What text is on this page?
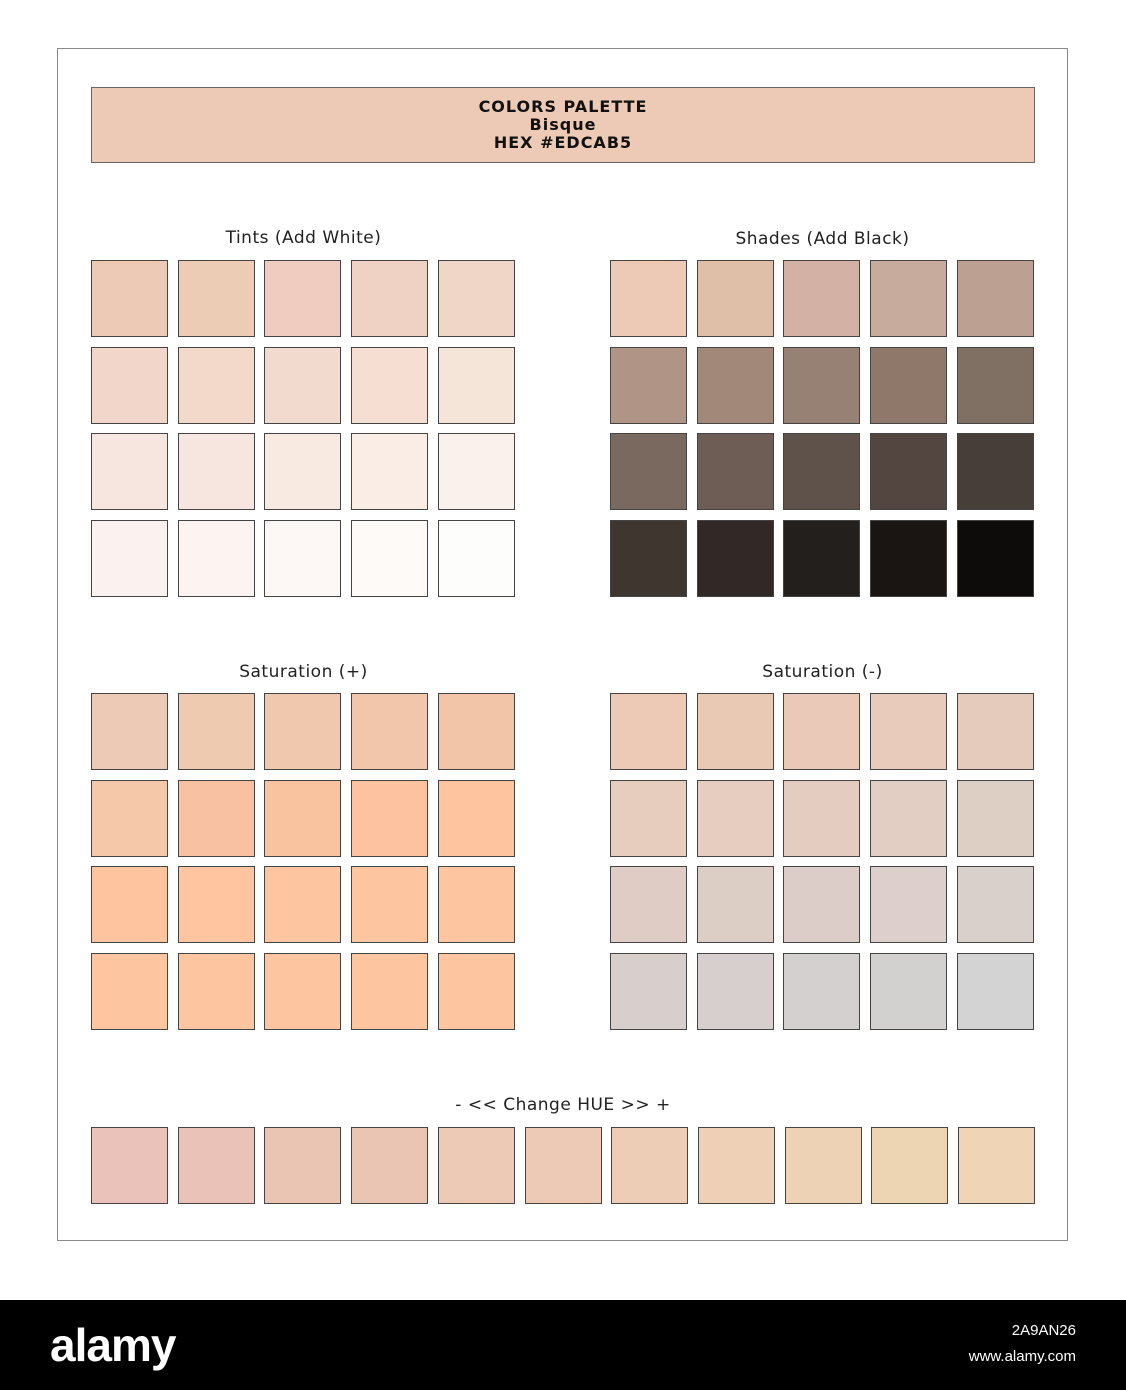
COLORS PALETTE
Bisque
HEX #EDCAB5
Tints (Add White)	Shades (Add Black)
Saturation (+)	Saturation (-)
- << Change HUE >> +
alamy	2A9AN26
www.alamy.com
